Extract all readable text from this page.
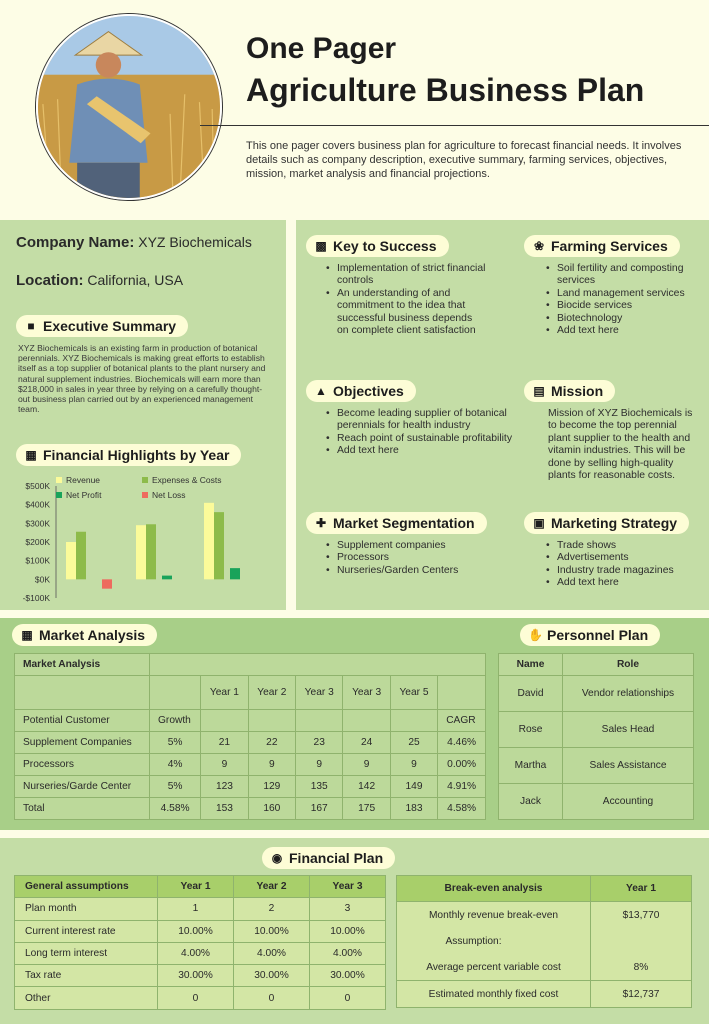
One Pager
Agriculture Business Plan
This one pager covers business plan for agriculture to forecast financial needs. It involves details such as company description, executive summary, farming services, objectives, mission, market analysis and financial projections.
Company Name: XYZ Biochemicals
Location: California, USA
■ Executive Summary
XYZ Biochemicals is an existing farm in production of botanical perennials. XYZ Biochemicals is making great efforts to establish itself as a top supplier of botanical plants to the plant nursery and natural supplement industries. Biochemicals will earn more than $218,000 in sales in year three by relying on a carefully thought-out business plan carried out by an experienced management team.
▦ Financial Highlights by Year
$500K
$400K
$300K
$200K
$100K
$0K
-$100K
Revenue	Expenses & Costs
Net Profit	Net Loss
▩ Key to Success
• Implementation of strict financial controls
• An understanding of and commitment to the idea that successful business depends on complete client satisfaction
❀ Farming Services
• Soil fertility and composting services
• Land management services
• Biocide services
• Biotechnology
• Add text here
▲ Objectives
• Become leading supplier of botanical perennials for health industry
• Reach point of sustainable profitability
• Add text here
▤ Mission
Mission of XYZ Biochemicals is to become the top perennial plant supplier to the health and vitamin industries. This will be done by selling high-quality plants for reasonable costs.
✚ Market Segmentation
• Supplement companies
• Processors
• Nurseries/Garden Centers
▣ Marketing Strategy
• Trade shows
• Advertisements
• Industry trade magazines
• Add text here
▦ Market Analysis	✋ Personnel Plan
Market Analysis							
		Year 1	Year 2	Year 3	Year 3	Year 5	
Potential Customer	Growth						CAGR
Supplement Companies	5%	21	22	23	24	25	4.46%
Processors	4%	9	9	9	9	9	0.00%
Nurseries/Garde Center	5%	123	129	135	142	149	4.91%
Total	4.58%	153	160	167	175	183	4.58%
Name	Role
David	Vendor relationships
Rose	Sales Head
Martha	Sales Assistance
Jack	Accounting
◉ Financial Plan
General assumptions	Year 1	Year 2	Year 3
Plan month	1	2	3
Current interest rate	10.00%	10.00%	10.00%
Long term interest	4.00%	4.00%	4.00%
Tax rate	30.00%	30.00%	30.00%
Other	0	0	0
Break-even analysis	Year 1
Monthly revenue break-even	$13,770
Assumption:	
Average percent variable cost	8%
Estimated monthly fixed cost	$12,737
